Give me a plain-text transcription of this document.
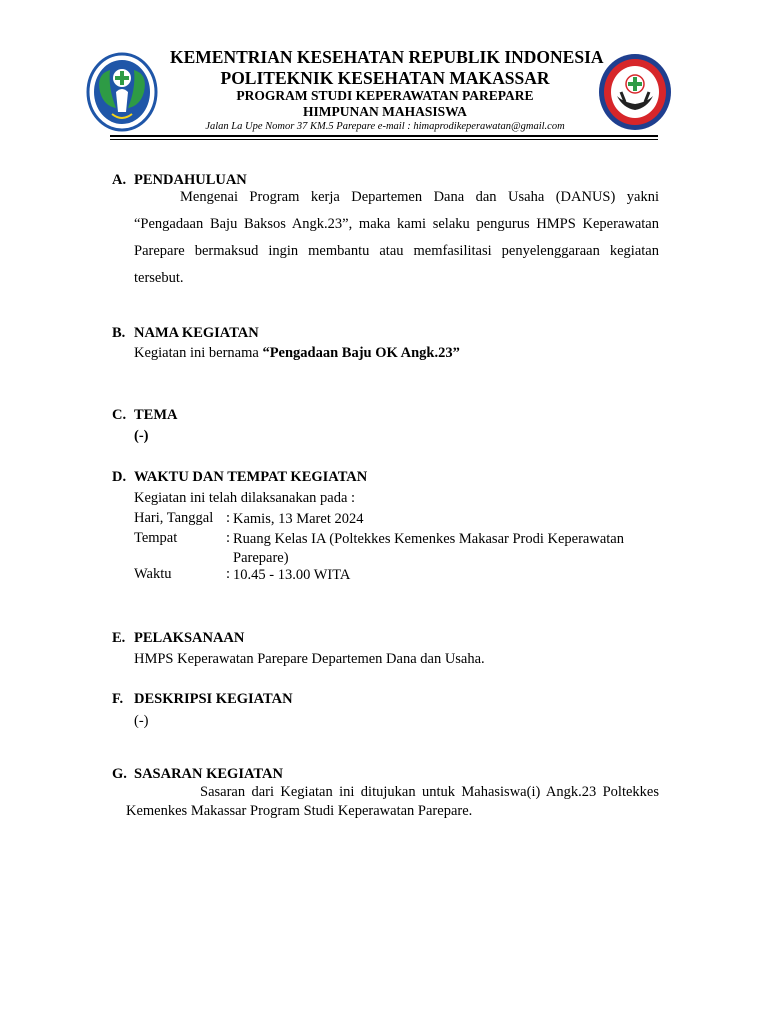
KEMENTRIAN KESEHATAN REPUBLIK INDONESIA
POLITEKNIK KESEHATAN MAKASSAR
PROGRAM STUDI KEPERAWATAN PAREPARE
HIMPUNAN MAHASISWA
Jalan La Upe Nomor 37 KM.5 Parepare e-mail : himaprodikeperawatan@gmail.com
A. PENDAHULUAN
Mengenai Program kerja Departemen Dana dan Usaha (DANUS) yakni “Pengadaan Baju Baksos Angk.23”, maka kami selaku pengurus HMPS Keperawatan Parepare bermaksud ingin membantu atau memfasilitasi penyelenggaraan kegiatan tersebut.
B. NAMA KEGIATAN
Kegiatan ini bernama “Pengadaan Baju OK Angk.23”
C. TEMA
(-)
D. WAKTU DAN TEMPAT KEGIATAN
Kegiatan ini telah dilaksanakan pada :
Hari, Tanggal : Kamis, 13 Maret 2024
Tempat	: Ruang Kelas IA (Poltekkes Kemenkes Makasar Prodi Keperawatan Parepare)
Waktu	: 10.45 - 13.00 WITA
E. PELAKSANAAN
HMPS Keperawatan Parepare Departemen Dana dan Usaha.
F. DESKRIPSI KEGIATAN
(-)
G. SASARAN KEGIATAN
Sasaran dari Kegiatan ini ditujukan untuk Mahasiswa(i) Angk.23 Poltekkes Kemenkes Makassar Program Studi Keperawatan Parepare.
